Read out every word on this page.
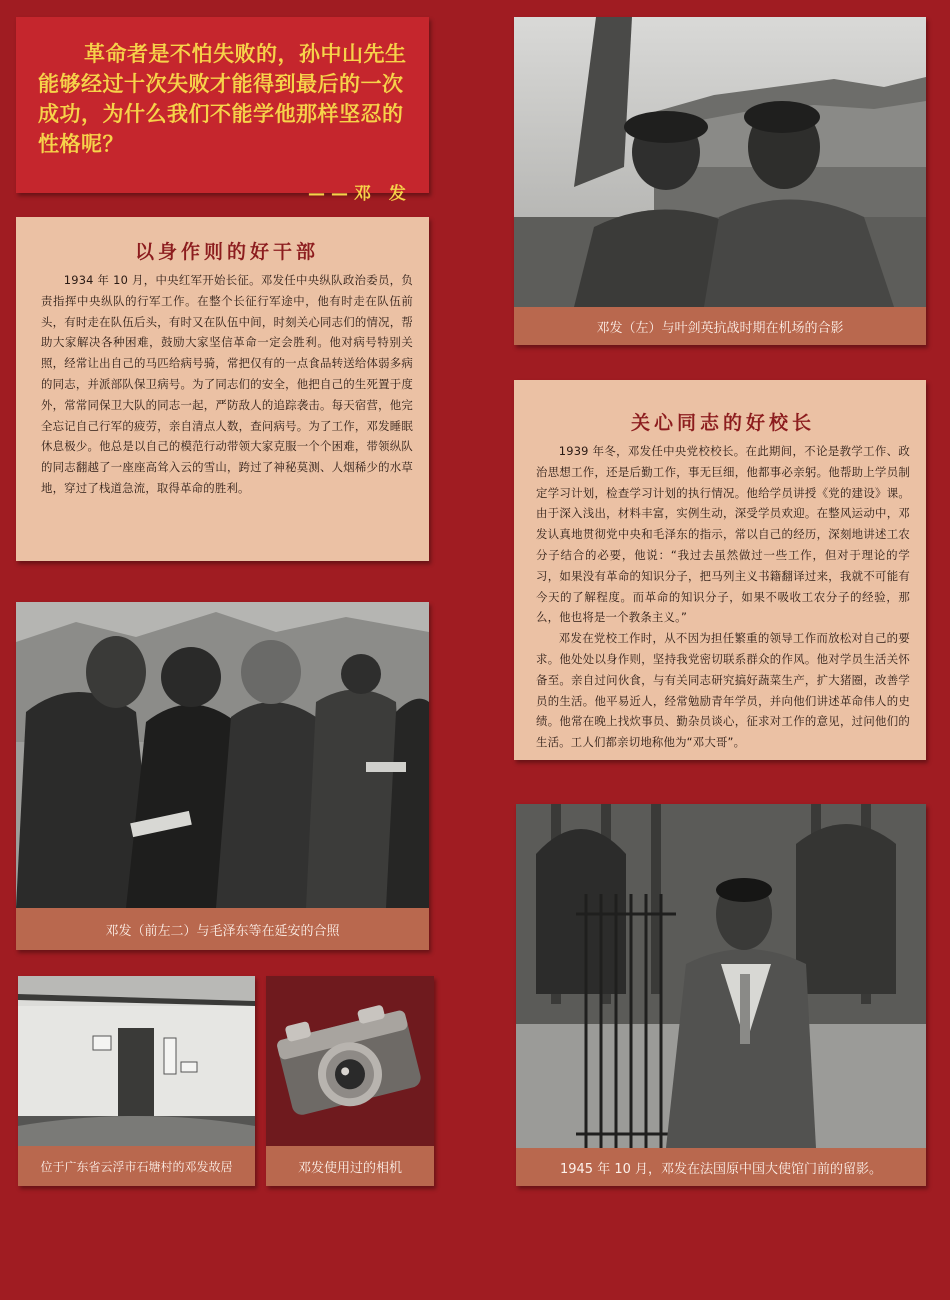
革命者是不怕失败的，孙中山先生能够经过十次失败才能得到最后的一次成功，为什么我们不能学他那样坚忍的性格呢？

——邓 发

以身作则的好干部

1934 年 10 月，中央红军开始长征。邓发任中央纵队政治委员，负责指挥中央纵队的行军工作。在整个长征行军途中，他有时走在队伍前头，有时走在队伍后头，有时又在队伍中间，时刻关心同志们的情况，帮助大家解决各种困难，鼓励大家坚信革命一定会胜利。他对病号特别关照，经常让出自己的马匹给病号骑，常把仅有的一点食品转送给体弱多病的同志，并派部队保卫病号。为了同志们的安全，他把自己的生死置于度外，常常同保卫大队的同志一起，严防敌人的追踪袭击。每天宿营，他完全忘记自己行军的疲劳，亲自清点人数，查问病号。为了工作，邓发睡眠休息极少。他总是以自己的模范行动带领大家克服一个个困难，带领纵队的同志翻越了一座座高耸入云的雪山，跨过了神秘莫测、人烟稀少的水草地，穿过了栈道急流，取得革命的胜利。

邓发（左）与叶剑英抗战时期在机场的合影
关心同志的好校长

1939 年冬，邓发任中央党校校长。在此期间，不论是教学工作、政治思想工作，还是后勤工作，事无巨细，他都事必亲躬。他帮助上学员制定学习计划，检查学习计划的执行情况。他给学员讲授《党的建设》课。由于深入浅出，材料丰富，实例生动，深受学员欢迎。在整风运动中，邓发认真地贯彻党中央和毛泽东的指示，常以自己的经历，深刻地讲述工农分子结合的必要，他说：“我过去虽然做过一些工作，但对于理论的学习，如果没有革命的知识分子，把马列主义书籍翻译过来，我就不可能有今天的了解程度。而革命的知识分子，如果不吸收工农分子的经验，那么，他也将是一个教条主义。”

邓发在党校工作时，从不因为担任繁重的领导工作而放松对自己的要求。他处处以身作则，坚持我党密切联系群众的作风。他对学员生活关怀备至。亲自过问伙食，与有关同志研究搞好蔬菜生产，扩大猪圈，改善学员的生活。他平易近人，经常勉励青年学员，并向他们讲述革命伟人的史绩。他常在晚上找炊事员、勤杂员谈心，征求对工作的意见，过问他们的生活。工人们都亲切地称他为“邓大哥”。

邓发（前左二）与毛泽东等在延安的合照
位于广东省云浮市石塘村的邓发故居	邓发使用过的相机	1945 年 10 月，邓发在法国原中国大使馆门前的留影。
